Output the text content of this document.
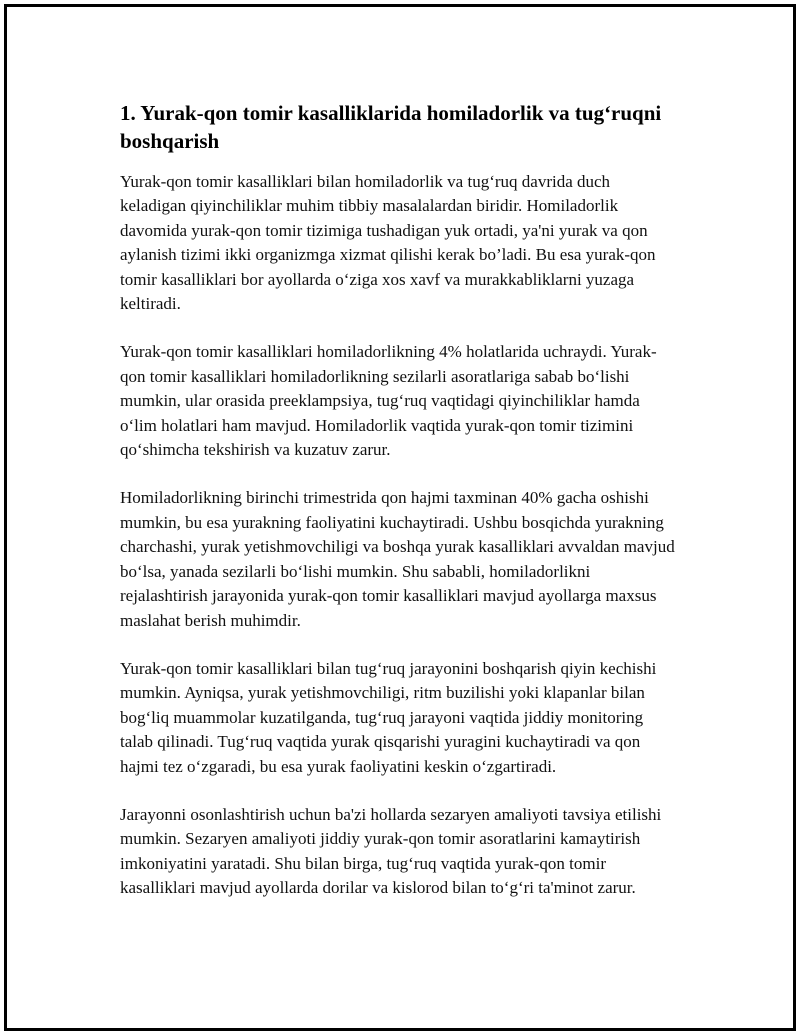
1. Yurak-qon tomir kasalliklarida homiladorlik va tug‘ruqni boshqarish

Yurak-qon tomir kasalliklari bilan homiladorlik va tug‘ruq davrida duch keladigan qiyinchiliklar muhim tibbiy masalalardan biridir. Homiladorlik davomida yurak-qon tomir tizimiga tushadigan yuk ortadi, ya'ni yurak va qon aylanish tizimi ikki organizmga xizmat qilishi kerak bo’ladi. Bu esa yurak-qon tomir kasalliklari bor ayollarda o‘ziga xos xavf va murakkabliklarni yuzaga keltiradi.

Yurak-qon tomir kasalliklari homiladorlikning 4% holatlarida uchraydi. Yurak-qon tomir kasalliklari homiladorlikning sezilarli asoratlariga sabab bo‘lishi mumkin, ular orasida preeklampsiya, tug‘ruq vaqtidagi qiyinchiliklar hamda o‘lim holatlari ham mavjud. Homiladorlik vaqtida yurak-qon tomir tizimini qo‘shimcha tekshirish va kuzatuv zarur.

Homiladorlikning birinchi trimestrida qon hajmi taxminan 40% gacha oshishi mumkin, bu esa yurakning faoliyatini kuchaytiradi. Ushbu bosqichda yurakning charchashi, yurak yetishmovchiligi va boshqa yurak kasalliklari avvaldan mavjud bo‘lsa, yanada sezilarli bo‘lishi mumkin. Shu sababli, homiladorlikni rejalashtirish jarayonida yurak-qon tomir kasalliklari mavjud ayollarga maxsus maslahat berish muhimdir.

Yurak-qon tomir kasalliklari bilan tug‘ruq jarayonini boshqarish qiyin kechishi mumkin. Ayniqsa, yurak yetishmovchiligi, ritm buzilishi yoki klapanlar bilan bog‘liq muammolar kuzatilganda, tug‘ruq jarayoni vaqtida jiddiy monitoring talab qilinadi. Tug‘ruq vaqtida yurak qisqarishi yuragini kuchaytiradi va qon hajmi tez o‘zgaradi, bu esa yurak faoliyatini keskin o‘zgartiradi.

Jarayonni osonlashtirish uchun ba'zi hollarda sezaryen amaliyoti tavsiya etilishi mumkin. Sezaryen amaliyoti jiddiy yurak-qon tomir asoratlarini kamaytirish imkoniyatini yaratadi. Shu bilan birga, tug‘ruq vaqtida yurak-qon tomir kasalliklari mavjud ayollarda dorilar va kislorod bilan to‘g‘ri ta'minot zarur.
